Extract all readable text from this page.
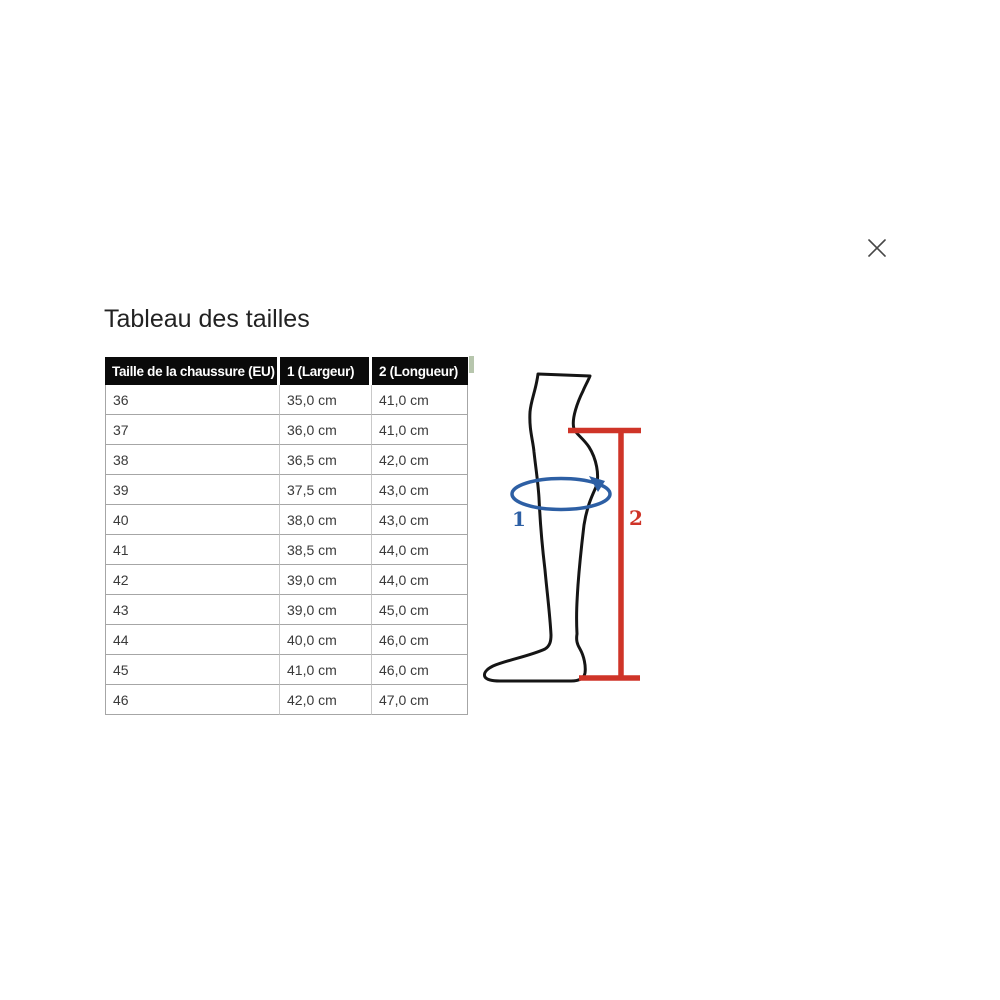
Tableau des tailles
Taille de la chaussure (EU)	1 (Largeur)	2 (Longueur)
36	35,0 cm	41,0 cm
37	36,0 cm	41,0 cm
38	36,5 cm	42,0 cm
39	37,5 cm	43,0 cm
40	38,0 cm	43,0 cm
41	38,5 cm	44,0 cm
42	39,0 cm	44,0 cm
43	39,0 cm	45,0 cm
44	40,0 cm	46,0 cm
45	41,0 cm	46,0 cm
46	42,0 cm	47,0 cm
1	2
